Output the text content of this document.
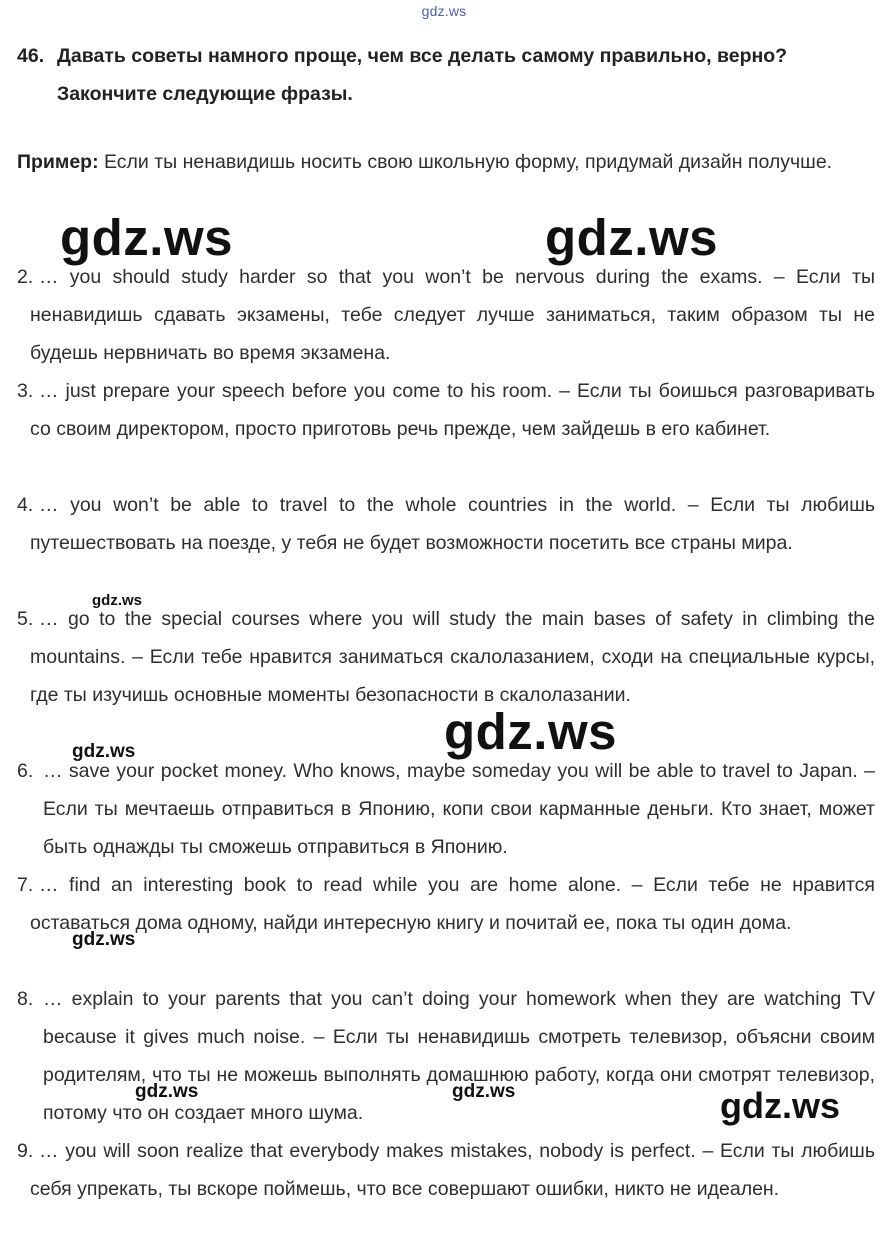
gdz.ws
46. Давать советы намного проще, чем все делать самому правильно, верно?
Закончите следующие фразы.
Пример: Если ты ненавидишь носить свою школьную форму, придумай дизайн получше.
2. … you should study harder so that you won’t be nervous during the exams. – Если ты ненавидишь сдавать экзамены, тебе следует лучше заниматься, таким образом ты не будешь нервничать во время экзамена.
3. … just prepare your speech before you come to his room. – Если ты боишься разговаривать со своим директором, просто приготовь речь прежде, чем зайдешь в его кабинет.
4. … you won’t be able to travel to the whole countries in the world. – Если ты любишь путешествовать на поезде, у тебя не будет возможности посетить все страны мира.
5. … go to the special courses where you will study the main bases of safety in climbing the mountains. – Если тебе нравится заниматься скалолазанием, сходи на специальные курсы, где ты изучишь основные моменты безопасности в скалолазании.
6. … save your pocket money. Who knows, maybe someday you will be able to travel to Japan. – Если ты мечтаешь отправиться в Японию, копи свои карманные деньги. Кто знает, может быть однажды ты сможешь отправиться в Японию.
7. … find an interesting book to read while you are home alone. – Если тебе не нравится оставаться дома одному, найди интересную книгу и почитай ее, пока ты один дома.
8. … explain to your parents that you can’t doing your homework when they are watching TV because it gives much noise. – Если ты ненавидишь смотреть телевизор, объясни своим родителям, что ты не можешь выполнять домашнюю работу, когда они смотрят телевизор, потому что он создает много шума.
9. … you will soon realize that everybody makes mistakes, nobody is perfect. – Если ты любишь себя упрекать, ты вскоре поймешь, что все совершают ошибки, никто не идеален.
gdz.ws	gdz.ws
gdz.ws
gdz.ws
gdz.ws
gdz.ws
gdz.ws
gdz.ws	gdz.ws
